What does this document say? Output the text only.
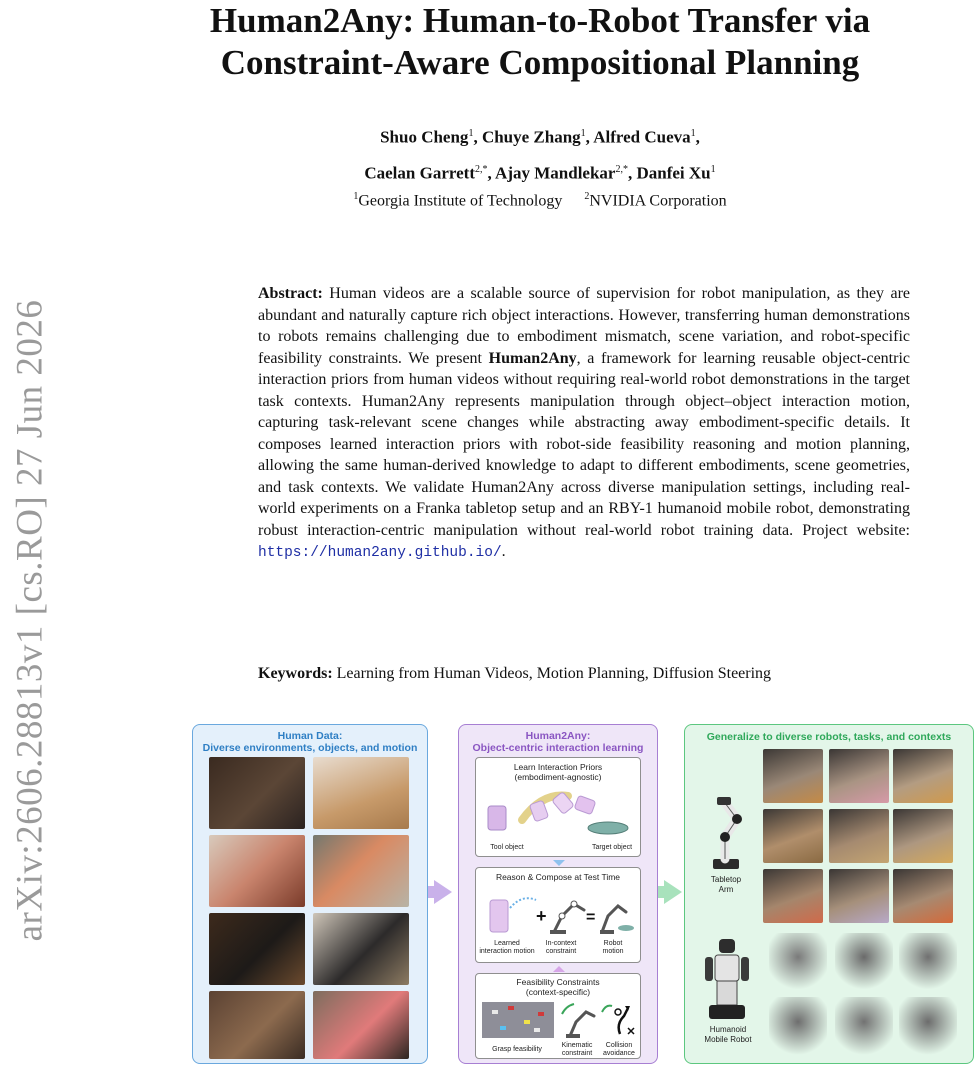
arXiv:2606.28813v1 [cs.RO] 27 Jun 2026
Human2Any: Human-to-Robot Transfer via
Constraint-Aware Compositional Planning
Shuo Cheng$^1$, Chuye Zhang$^1$, Alfred Cueva$^1$,
Caelan Garrett$^{2,*}$, Ajay Mandlekar$^{2,*}$, Danfei Xu$^1$
$^1$Georgia Institute of Technology $^2$NVIDIA Corporation
Abstract: Human videos are a scalable source of supervision for robot manipulation, as they are abundant and naturally capture rich object interactions. However, transferring human demonstrations to robots remains challenging due to embodiment mismatch, scene variation, and robot-specific feasibility constraints. We present Human2Any, a framework for learning reusable object-centric interaction priors from human videos without requiring real-world robot demonstrations in the target task contexts. Human2Any represents manipulation through object–object interaction motion, capturing task-relevant scene changes while abstracting away embodiment-specific details. It composes learned interaction priors with robot-side feasibility reasoning and motion planning, allowing the same human-derived knowledge to adapt to different embodiments, scene geometries, and task contexts. We validate Human2Any across diverse manipulation settings, including real-world experiments on a Franka tabletop setup and an RBY-1 humanoid mobile robot, demonstrating robust interaction-centric manipulation without real-world robot training data. Project website: https://human2any.github.io/.
Keywords: Learning from Human Videos, Motion Planning, Diffusion Steering
Human Data:
Diverse environments, objects, and motion
Human2Any:
Object-centric interaction learning
Learn Interaction Priors
(embodiment-agnostic)
Tool object	Target object
Reason & Compose at Test Time
+ =
Learned
interaction motion
In-context
constraint
Robot
motion
Feasibility Constraints
(context-specific)
Grasp feasibility
Kinematic
constraint
Collision
avoidance
Generalize to diverse robots, tasks, and contexts
Tabletop
Arm
Humanoid
Mobile Robot
